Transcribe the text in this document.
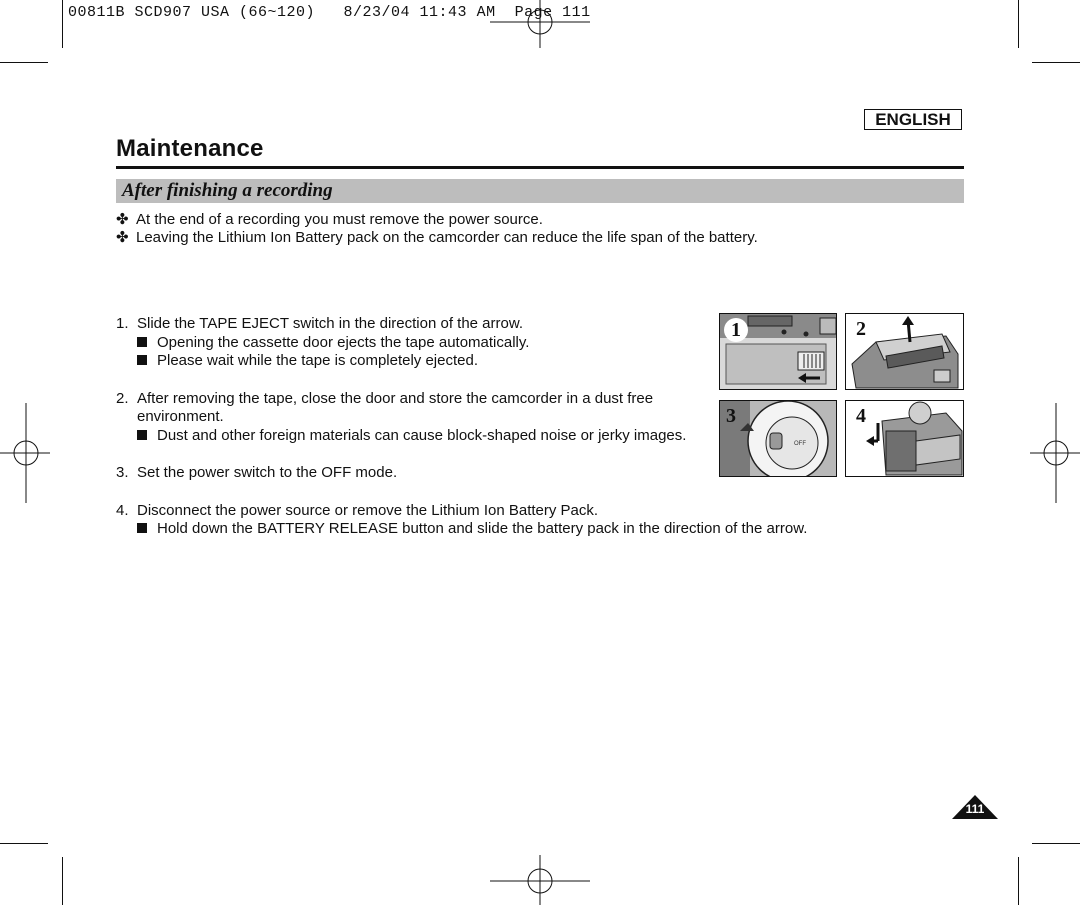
00811B SCD907 USA (66~120)   8/23/04 11:43 AM  Page 111
ENGLISH
Maintenance
After finishing a recording
✤ At the end of a recording you must remove the power source.
✤ Leaving the Lithium Ion Battery pack on the camcorder can reduce the life span of the battery.
1. Slide the TAPE EJECT switch in the direction of the arrow.
Opening the cassette door ejects the tape automatically.
Please wait while the tape is completely ejected.
2. After removing the tape, close the door and store the camcorder in a dust free
environment.
Dust and other foreign materials can cause block-shaped noise or jerky images.
3. Set the power switch to the OFF mode.
4. Disconnect the power source or remove the Lithium Ion Battery Pack.
Hold down the BATTERY RELEASE button and slide the battery pack in the direction of the arrow.
1	2
OFF
3	4
111
